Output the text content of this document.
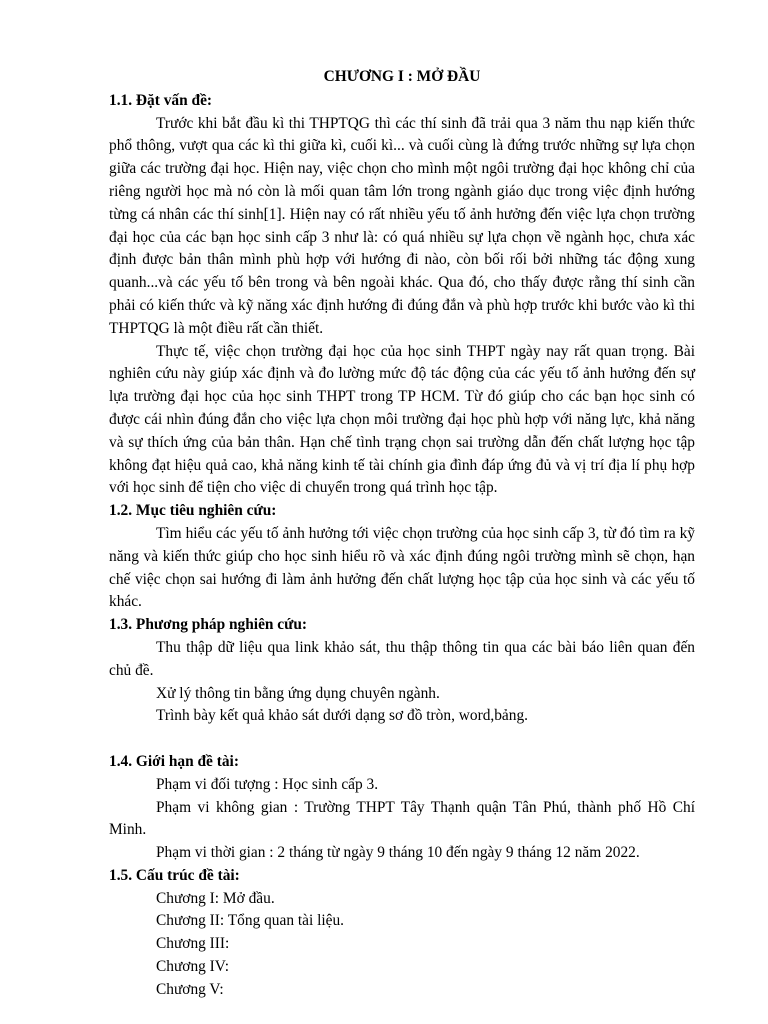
CHƯƠNG I : MỞ ĐẦU
1.1. Đặt vấn đề:

Trước khi bắt đầu kì thi THPTQG thì các thí sinh đã trải qua 3 năm thu nạp kiến thức phổ thông, vượt qua các kì thi giữa kì, cuối kì... và cuối cùng là đứng trước những sự lựa chọn giữa các trường đại học. Hiện nay, việc chọn cho mình một ngôi trường đại học không chỉ của riêng người học mà nó còn là mối quan tâm lớn trong ngành giáo dục trong việc định hướng từng cá nhân các thí sinh[1]. Hiện nay có rất nhiều yếu tố ảnh hưởng đến việc lựa chọn trường đại học của các bạn học sinh cấp 3 như là: có quá nhiều sự lựa chọn về ngành học, chưa xác định được bản thân mình phù hợp với hướng đi nào, còn bối rối bởi những tác động xung quanh...và các yếu tố bên trong và bên ngoài khác. Qua đó, cho thấy được rằng thí sinh cần phải có kiến thức và kỹ năng xác định hướng đi đúng đắn và phù hợp trước khi bước vào kì thi THPTQG là một điều rất cần thiết.

Thực tế, việc chọn trường đại học của học sinh THPT ngày nay rất quan trọng. Bài nghiên cứu này giúp xác định và đo lường mức độ tác động của các yếu tố ảnh hưởng đến sự lựa trường đại học của học sinh THPT trong TP HCM. Từ đó giúp cho các bạn học sinh có được cái nhìn đúng đắn cho việc lựa chọn môi trường đại học phù hợp với năng lực, khả năng và sự thích ứng của bản thân. Hạn chế tình trạng chọn sai trường dẫn đến chất lượng học tập không đạt hiệu quả cao, khả năng kinh tế tài chính gia đình đáp ứng đủ và vị trí địa lí phụ hợp với học sinh để tiện cho việc di chuyển trong quá trình học tập.

1.2. Mục tiêu nghiên cứu:

Tìm hiểu các yếu tố ảnh hưởng tới việc chọn trường của học sinh cấp 3, từ đó tìm ra kỹ năng và kiến thức giúp cho học sinh hiểu rõ và xác định đúng ngôi trường mình sẽ chọn, hạn chế việc chọn sai hướng đi làm ảnh hưởng đến chất lượng học tập của học sinh và các yếu tố khác.

1.3. Phương pháp nghiên cứu:

Thu thập dữ liệu qua link khảo sát, thu thập thông tin qua các bài báo liên quan đến chủ đề.

Xử lý thông tin bằng ứng dụng chuyên ngành.

Trình bày kết quả khảo sát dưới dạng sơ đồ tròn, word,bảng.

1.4. Giới hạn đề tài:

Phạm vi đối tượng : Học sinh cấp 3.

Phạm vi không gian : Trường THPT Tây Thạnh quận Tân Phú, thành phố Hồ Chí Minh.

Phạm vi thời gian : 2 tháng từ ngày 9 tháng 10 đến ngày 9 tháng 12 năm 2022.

1.5. Cấu trúc đề tài:
Chương I: Mở đầu.
Chương II: Tổng quan tài liệu.
Chương III:
Chương IV:
Chương V:
